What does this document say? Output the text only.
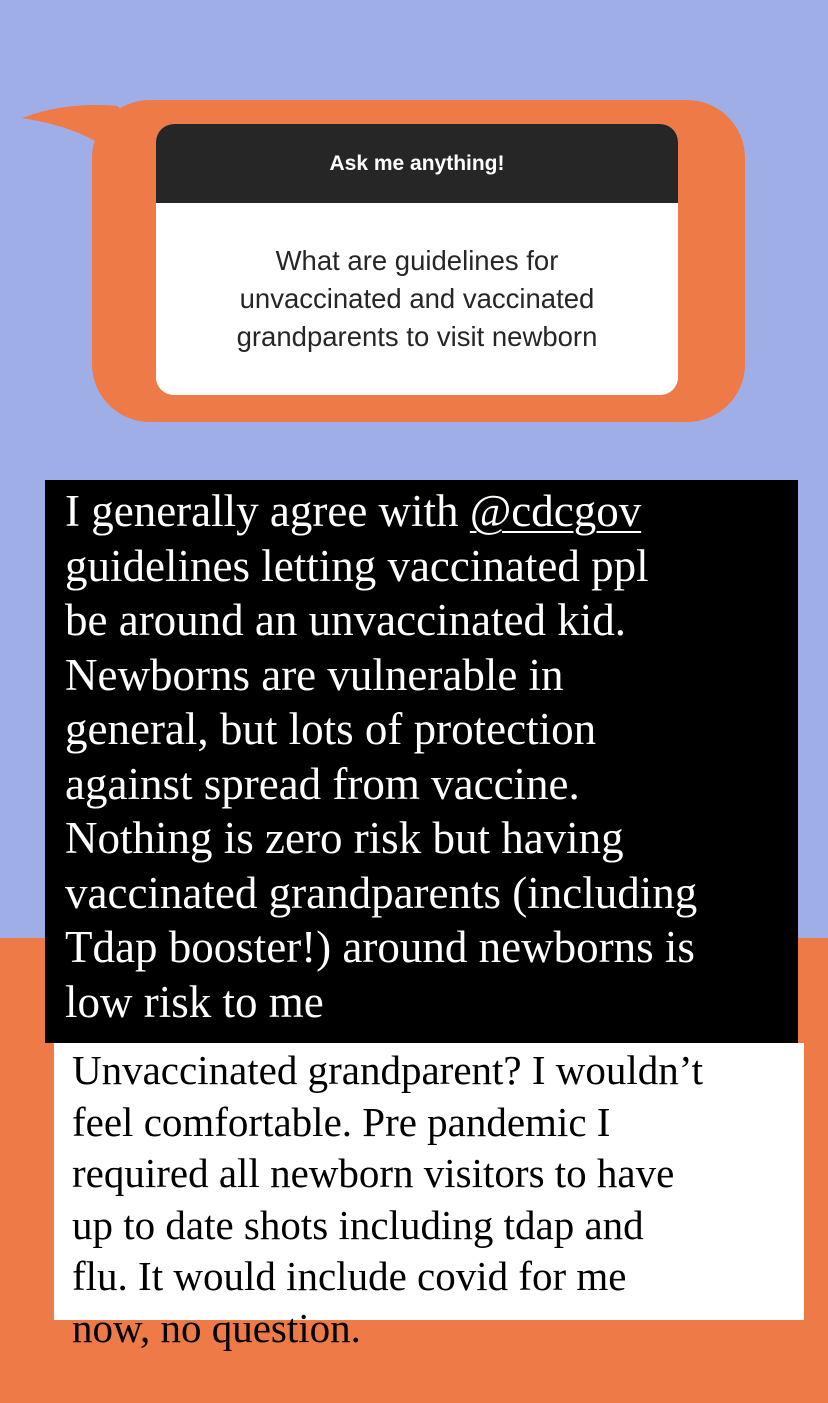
Ask me anything!
What are guidelines for
unvaccinated and vaccinated
grandparents to visit newborn
I generally agree with @cdcgov
guidelines letting vaccinated ppl
be around an unvaccinated kid.
Newborns are vulnerable in
general, but lots of protection
against spread from vaccine.
Nothing is zero risk but having
vaccinated grandparents (including
Tdap booster!) around newborns is
low risk to me
Unvaccinated grandparent? I wouldn’t
feel comfortable. Pre pandemic I
required all newborn visitors to have
up to date shots including tdap and
flu. It would include covid for me
now, no question.
